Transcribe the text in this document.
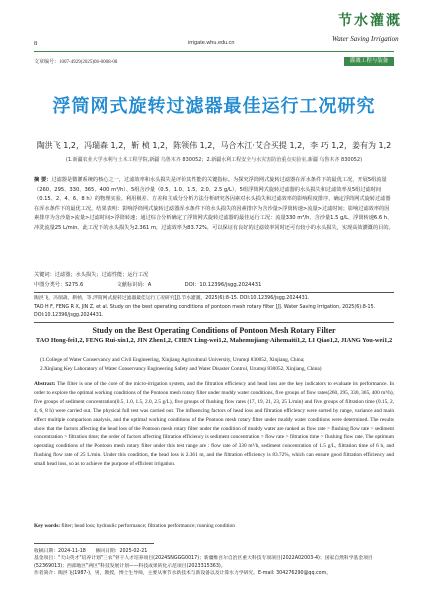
8	irrigate.whu.edu.cn
节水灌溉
Water Saving Irrigation
文章编号：1007-4929(2025)06-0008-08	灌溉工程与装备
浮筒网式旋转过滤器最佳运行工况研究
陶洪飞 1,2，冯瑞森 1,2，靳 桢 1,2，陈领伟 1,2，马合木江·艾合买提 1,2，李 巧 1,2，姜有为 1,2
(1.新疆农业大学水利与土木工程学院,新疆 乌鲁木齐 830052；2.新疆水利工程安全与水灾害防治重点实验室,新疆 乌鲁木齐 830052)
摘 要：过滤器是微灌系统的核心之一，过滤效率和水头损失是评价其性能的关键指标。为探究浮筒网式旋转过滤器在浑水条件下的最优工况，开展5组流量（260、295、330、365、400 m³/h）、5组含沙量（0.5、1.0、1.5、2.0、2.5 g/L）、5组浮筒网式旋转过滤器的水头损失和过滤效率及5组过滤时间（0.15、2、4、6、8 h）的物理实验。利用极差、方差和主成分分析方法分析研究各因素对水头损失和过滤效率的影响程度排序，确定浮筒网式旋转过滤器在浑水条件下的最优工况。结果表明：影响浮筒网式旋转过滤器浑水条件下的水头损失的因素排序为含沙量>浮筒转速>流量>过滤时间；影响过滤效率的因素排序为含沙量>流量>过滤时间>浮筒转速；通过综合分析确定了浮筒网式旋转过滤器的最佳运行工况：流量330 m³/h、含沙量1.5 g/L、浮筒转速6.6 h、冲洗流量25 L/min。此工况下的水头损失为2.361 m，过滤效率为83.72%，可以保证有良好的过滤效率同时还可有较小的水头损失，实现高效灌溉的目的。
关键词：过滤器；水头损失；过滤性能；运行工况
中图分类号：S275.6	文献标识码：A	DOI：10.12396/jsgg.2024431
陶洪飞，冯瑞森，靳桢，等.浮筒网式旋转过滤器最佳运行工况研究[J].节水灌溉，2025(6):8-15. DOI:10.12396/jsgg.2024431.
TAO H F, FENG R X, JIN Z, et al. Study on the best operating conditions of pontoon mesh rotary filter [J]. Water Saving Irrigation, 2025(6):8-15. DOI:10.12396/jsgg.2024431.
Study on the Best Operating Conditions of Pontoon Mesh Rotary Filter
TAO Hong-fei1,2, FENG Rui-xin1,2, JIN Zhen1,2, CHEN Ling-wei1,2, Mahemujiang·Aihemaiti1,2, LI Qiao1,2, JIANG You-wei1,2
(1.College of Water Conservancy and Civil Engineering, Xinjiang Agricultural University, Urumqi 830052, Xinjiang, China;
2.Xinjiang Key Laboratory of Water Conservancy Engineering Safety and Water Disaster Control, Urumqi 830052, Xinjiang, China)
Abstract: The filter is one of the core of the micro-irrigation system, and the filtration efficiency and head loss are the key indicators to evaluate its performance. In order to explore the optimal working conditions of the Pontoon mesh rotary filter under muddy water conditions, five groups of flow rates(260, 295, 330, 365, 400 m³/h), five groups of sediment concentration(0.5, 1.0, 1.5, 2.0, 2.5 g/L), five groups of flushing flow rates (17, 19, 21, 23, 25 L/min) and five groups of filtration time (0.15, 2, 4, 6, 8 h) were carried out. The physical full test was carried out. The influencing factors of head loss and filtration efficiency were sorted by range, variance and main effect multiple comparison analysis, and the optimal working conditions of the Pontoon mesh rotary filter under muddy water conditions were determined. The results show that the factors affecting the head loss of the Pontoon mesh rotary filter under the condition of muddy water are ranked as flow rate > flushing flow rate > sediment concentration > filtration time; the order of factors affecting filtration efficiency is sediment concentration > flow rate > filtration time > flushing flow rate. The optimum operating conditions of the Pontoon mesh rotary filter under this test range are : flow rate of 330 m³/h, sediment concentration of 1.5 g/L, filtration time of 6 h, and flushing flow rate of 25 L/min. Under this condition, the head loss is 2.361 m, and the filtration efficiency is 83.72%, which can ensure good filtration efficiency and small head loss, so as to achieve the purpose of efficient irrigation.
Key words: filter; head loss; hydraulic performance; filtration performance; running condition
收稿日期：2024-11-18　　修回日期：2025-02-21
基金项目："天山英才"培养计划"三农"骨干人才培养项目(2024SNGGG0017)；新疆维吾尔自治区重大科技专项项目(2022A02003-4)；国家自然科学基金项目(52369013)；西部地区"两区"科技发展计划——科技成果转化示范项目(2023315363)。
作者简介：陶洪飞(1987-)，男，教授，博士生导师，主要从事节水新技术与新设备以及计算水力学研究。E-mail: 304276290@qq.com。
